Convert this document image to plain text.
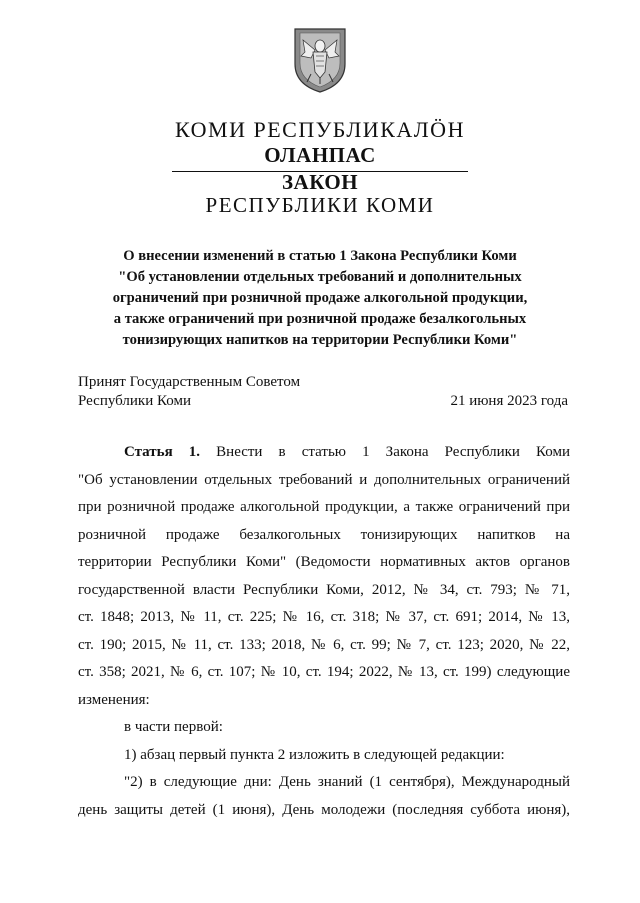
КОМИ РЕСПУБЛИКАЛӦН
ОЛАНПАС
ЗАКОН
РЕСПУБЛИКИ КОМИ
О внесении изменений в статью 1 Закона Республики Коми
"Об установлении отдельных требований и дополнительных
ограничений при розничной продаже алкогольной продукции,
а также ограничений при розничной продаже безалкогольных
тонизирующих напитков на территории Республики Коми"
Принят Государственным Советом
Республики Коми	21 июня 2023 года
Статья 1. Внести в статью 1 Закона Республики Коми
"Об установлении отдельных требований и дополнительных ограничений
при розничной продаже алкогольной продукции, а также ограничений при
розничной продаже безалкогольных тонизирующих напитков на
территории Республики Коми" (Ведомости нормативных актов органов
государственной власти Республики Коми, 2012, № 34, ст. 793; № 71,
ст. 1848; 2013, № 11, ст. 225; № 16, ст. 318; № 37, ст. 691; 2014, № 13,
ст. 190; 2015, № 11, ст. 133; 2018, № 6, ст. 99; № 7, ст. 123; 2020, № 22,
ст. 358; 2021, № 6, ст. 107; № 10, ст. 194; 2022, № 13, ст. 199) следующие
изменения:
в части первой:
1) абзац первый пункта 2 изложить в следующей редакции:
"2) в следующие дни: День знаний (1 сентября), Международный
день защиты детей (1 июня), День молодежи (последняя суббота июня),
